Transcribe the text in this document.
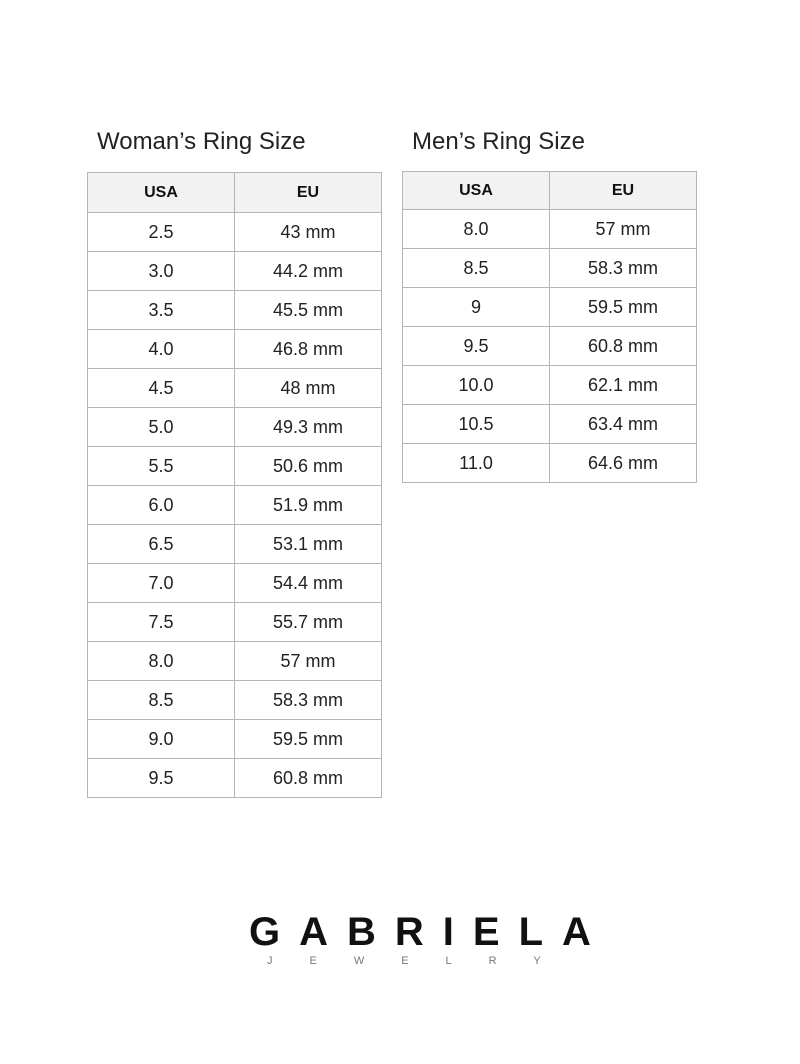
Woman’s Ring Size	Men’s Ring Size
USA	EU
2.5	43 mm
3.0	44.2 mm
3.5	45.5 mm
4.0	46.8 mm
4.5	48 mm
5.0	49.3 mm
5.5	50.6 mm
6.0	51.9 mm
6.5	53.1 mm
7.0	54.4 mm
7.5	55.7 mm
8.0	57 mm
8.5	58.3 mm
9.0	59.5 mm
9.5	60.8 mm
USA	EU
8.0	57 mm
8.5	58.3 mm
9	59.5 mm
9.5	60.8 mm
10.0	62.1 mm
10.5	63.4 mm
11.0	64.6 mm
GABRIELA
JEWELRY
